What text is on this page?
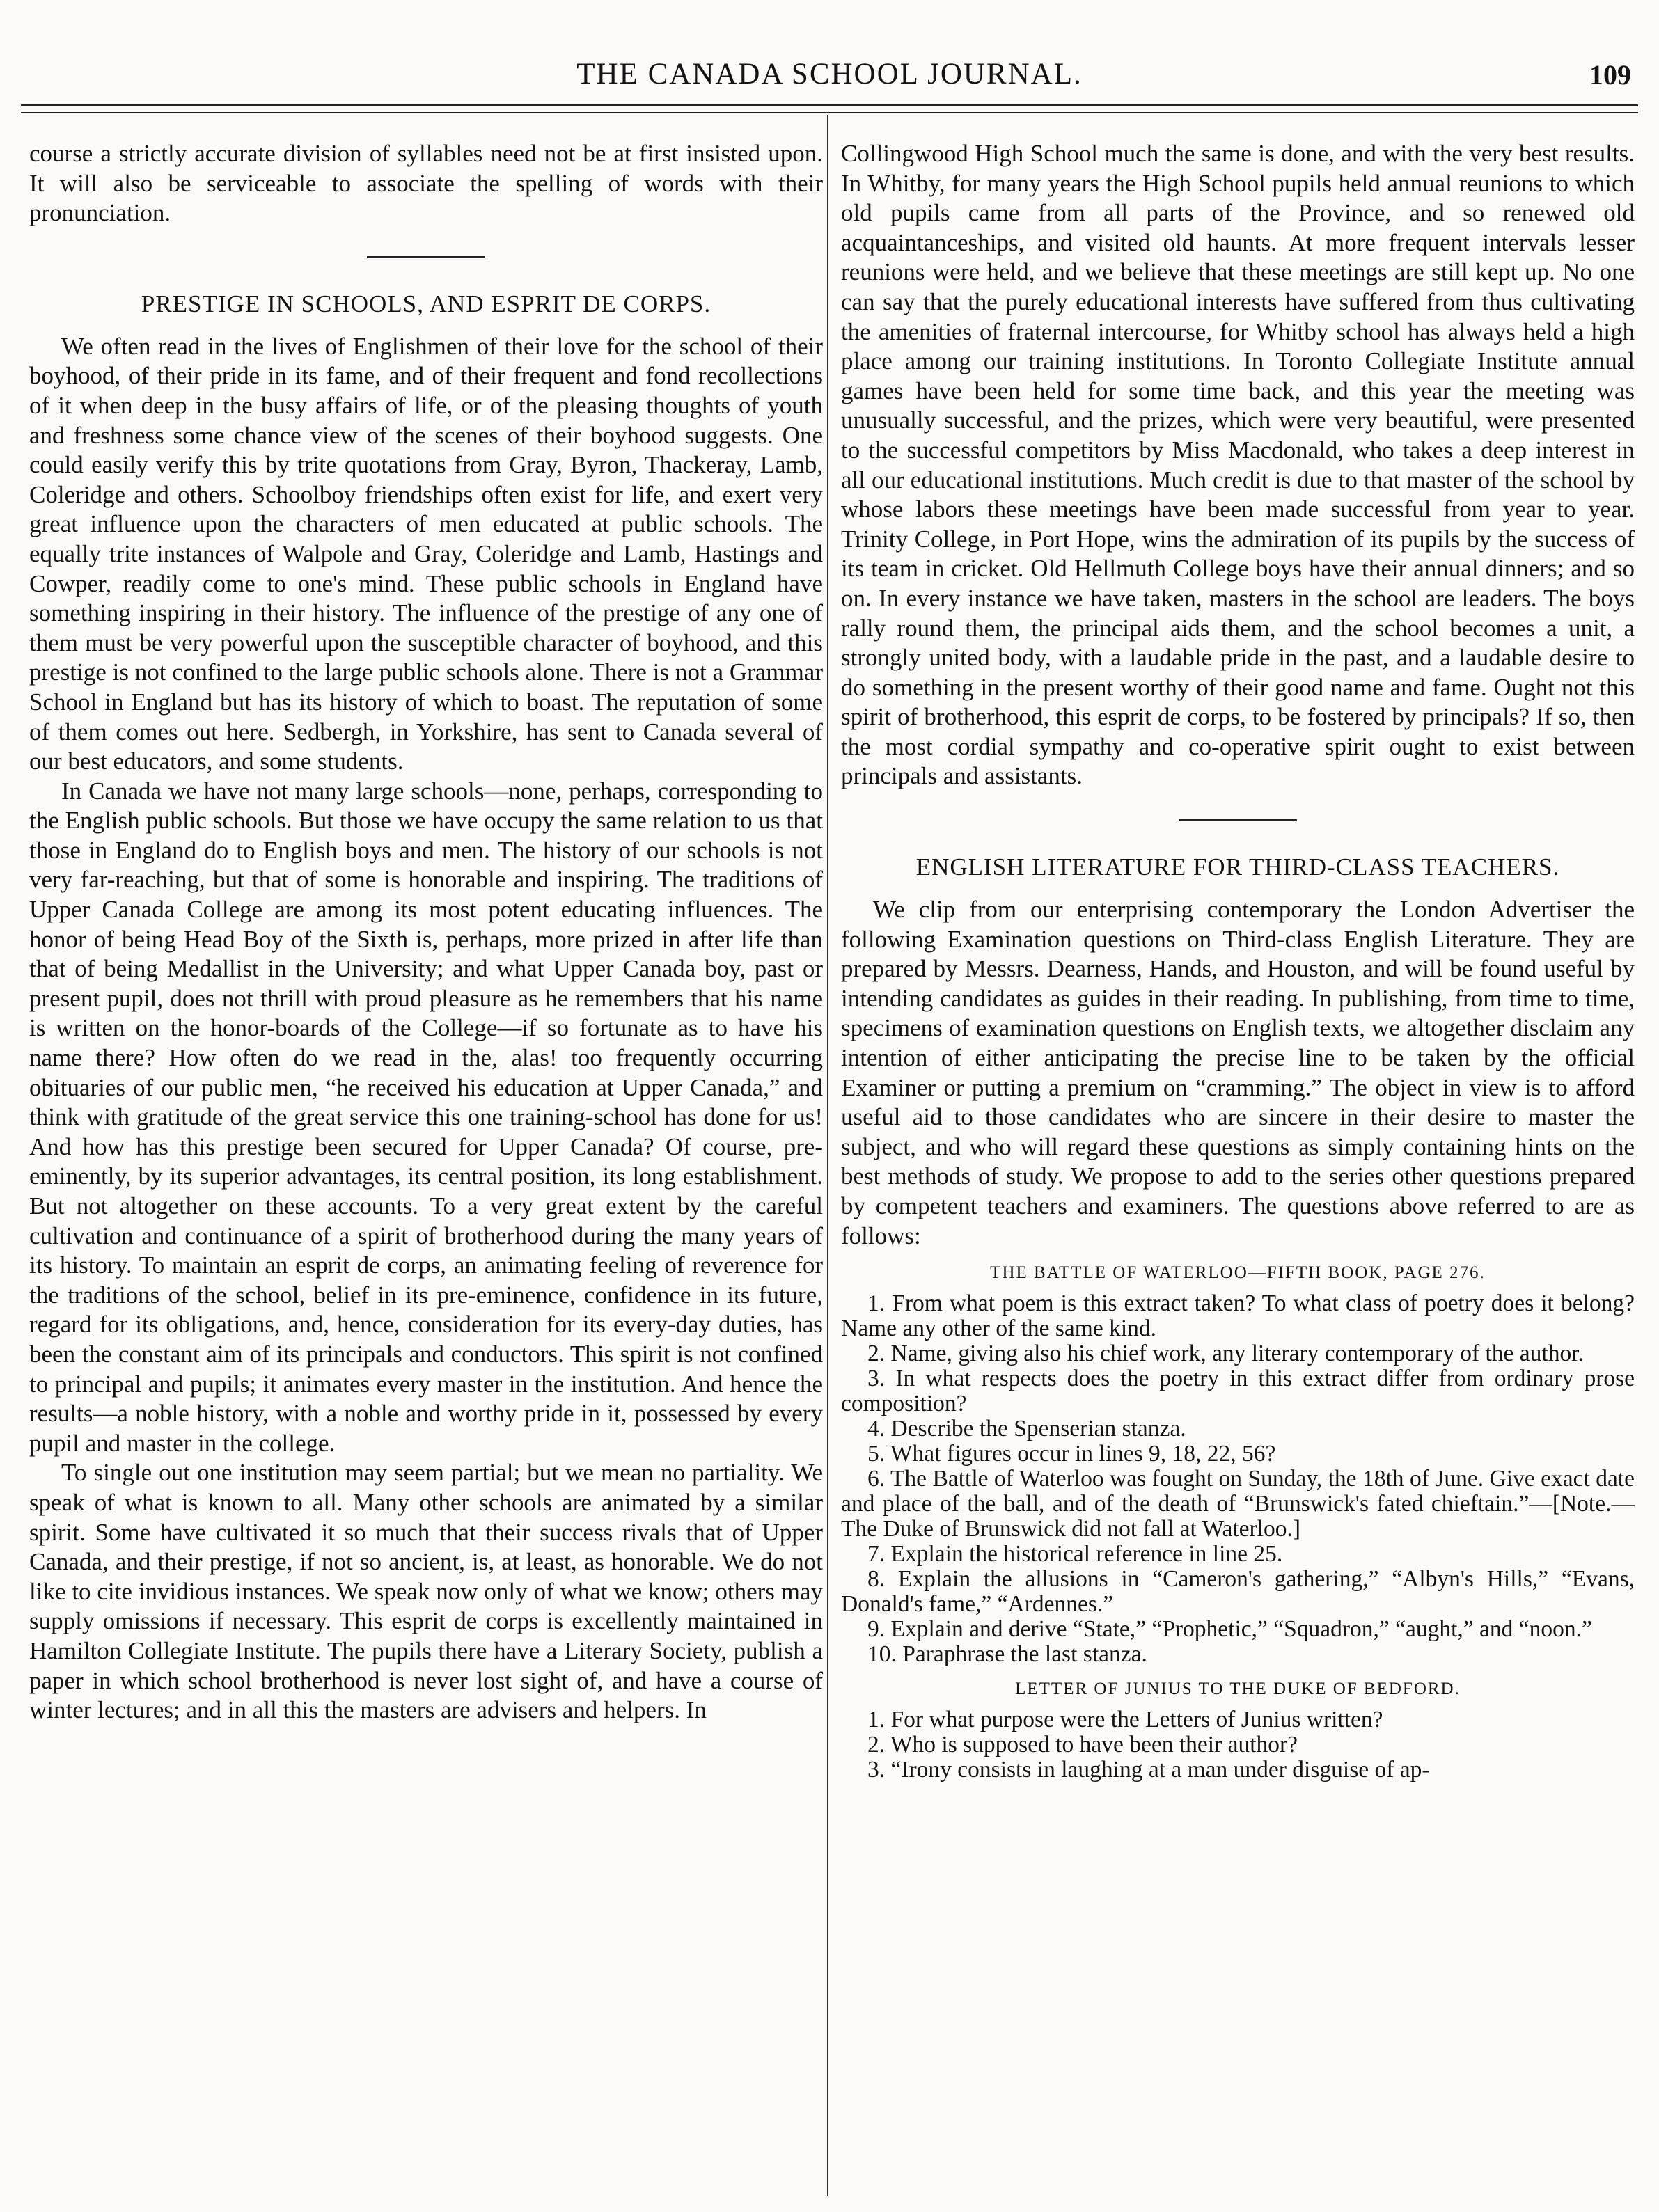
THE CANADA SCHOOL JOURNAL.	109

course a strictly accurate division of syllables need not be at first insisted upon. It will also be serviceable to associate the spelling of words with their pronunciation.

PRESTIGE IN SCHOOLS, AND ESPRIT DE CORPS.

We often read in the lives of Englishmen of their love for the school of their boyhood, of their pride in its fame, and of their frequent and fond recollections of it when deep in the busy affairs of life, or of the pleasing thoughts of youth and freshness some chance view of the scenes of their boyhood suggests. One could easily verify this by trite quotations from Gray, Byron, Thackeray, Lamb, Coleridge and others. Schoolboy friendships often exist for life, and exert very great influence upon the characters of men educated at public schools. The equally trite instances of Walpole and Gray, Coleridge and Lamb, Hastings and Cowper, readily come to one's mind. These public schools in England have something inspiring in their history. The influence of the prestige of any one of them must be very powerful upon the susceptible character of boyhood, and this prestige is not confined to the large public schools alone. There is not a Grammar School in England but has its history of which to boast. The reputation of some of them comes out here. Sedbergh, in Yorkshire, has sent to Canada several of our best educators, and some students.

In Canada we have not many large schools—none, perhaps, corresponding to the English public schools. But those we have occupy the same relation to us that those in England do to English boys and men. The history of our schools is not very far-reaching, but that of some is honorable and inspiring. The traditions of Upper Canada College are among its most potent educating influences. The honor of being Head Boy of the Sixth is, perhaps, more prized in after life than that of being Medallist in the University; and what Upper Canada boy, past or present pupil, does not thrill with proud pleasure as he remembers that his name is written on the honor-boards of the College—if so fortunate as to have his name there? How often do we read in the, alas! too frequently occurring obituaries of our public men, “he received his education at Upper Canada,” and think with gratitude of the great service this one training-school has done for us! And how has this prestige been secured for Upper Canada? Of course, pre-eminently, by its superior advantages, its central position, its long establishment. But not altogether on these accounts. To a very great extent by the careful cultivation and continuance of a spirit of brotherhood during the many years of its history. To maintain an esprit de corps, an animating feeling of reverence for the traditions of the school, belief in its pre-eminence, confidence in its future, regard for its obligations, and, hence, consideration for its every-day duties, has been the constant aim of its principals and conductors. This spirit is not confined to principal and pupils; it animates every master in the institution. And hence the results—a noble history, with a noble and worthy pride in it, possessed by every pupil and master in the college.

To single out one institution may seem partial; but we mean no partiality. We speak of what is known to all. Many other schools are animated by a similar spirit. Some have cultivated it so much that their success rivals that of Upper Canada, and their prestige, if not so ancient, is, at least, as honorable. We do not like to cite invidious instances. We speak now only of what we know; others may supply omissions if necessary. This esprit de corps is excellently maintained in Hamilton Collegiate Institute. The pupils there have a Literary Society, publish a paper in which school brotherhood is never lost sight of, and have a course of winter lectures; and in all this the masters are advisers and helpers. In

Collingwood High School much the same is done, and with the very best results. In Whitby, for many years the High School pupils held annual reunions to which old pupils came from all parts of the Province, and so renewed old acquaintanceships, and visited old haunts. At more frequent intervals lesser reunions were held, and we believe that these meetings are still kept up. No one can say that the purely educational interests have suffered from thus cultivating the amenities of fraternal intercourse, for Whitby school has always held a high place among our training institutions. In Toronto Collegiate Institute annual games have been held for some time back, and this year the meeting was unusually successful, and the prizes, which were very beautiful, were presented to the successful competitors by Miss Macdonald, who takes a deep interest in all our educational institutions. Much credit is due to that master of the school by whose labors these meetings have been made successful from year to year. Trinity College, in Port Hope, wins the admiration of its pupils by the success of its team in cricket. Old Hellmuth College boys have their annual dinners; and so on. In every instance we have taken, masters in the school are leaders. The boys rally round them, the principal aids them, and the school becomes a unit, a strongly united body, with a laudable pride in the past, and a laudable desire to do something in the present worthy of their good name and fame. Ought not this spirit of brotherhood, this esprit de corps, to be fostered by principals? If so, then the most cordial sympathy and co-operative spirit ought to exist between principals and assistants.

ENGLISH LITERATURE FOR THIRD-CLASS TEACHERS.

We clip from our enterprising contemporary the London Advertiser the following Examination questions on Third-class English Literature. They are prepared by Messrs. Dearness, Hands, and Houston, and will be found useful by intending candidates as guides in their reading. In publishing, from time to time, specimens of examination questions on English texts, we altogether disclaim any intention of either anticipating the precise line to be taken by the official Examiner or putting a premium on “cramming.” The object in view is to afford useful aid to those candidates who are sincere in their desire to master the subject, and who will regard these questions as simply containing hints on the best methods of study. We propose to add to the series other questions prepared by competent teachers and examiners. The questions above referred to are as follows:

THE BATTLE OF WATERLOO—FIFTH BOOK, PAGE 276.
1. From what poem is this extract taken? To what class of poetry does it belong? Name any other of the same kind.
2. Name, giving also his chief work, any literary contemporary of the author.
3. In what respects does the poetry in this extract differ from ordinary prose composition?
4. Describe the Spenserian stanza.
5. What figures occur in lines 9, 18, 22, 56?
6. The Battle of Waterloo was fought on Sunday, the 18th of June. Give exact date and place of the ball, and of the death of “Brunswick's fated chieftain.”—[Note.—The Duke of Brunswick did not fall at Waterloo.]
7. Explain the historical reference in line 25.
8. Explain the allusions in “Cameron's gathering,” “Albyn's Hills,” “Evans, Donald's fame,” “Ardennes.”
9. Explain and derive “State,” “Prophetic,” “Squadron,” “aught,” and “noon.”
10. Paraphrase the last stanza.
LETTER OF JUNIUS TO THE DUKE OF BEDFORD.
1. For what purpose were the Letters of Junius written?
2. Who is supposed to have been their author?
3. “Irony consists in laughing at a man under disguise of ap-
